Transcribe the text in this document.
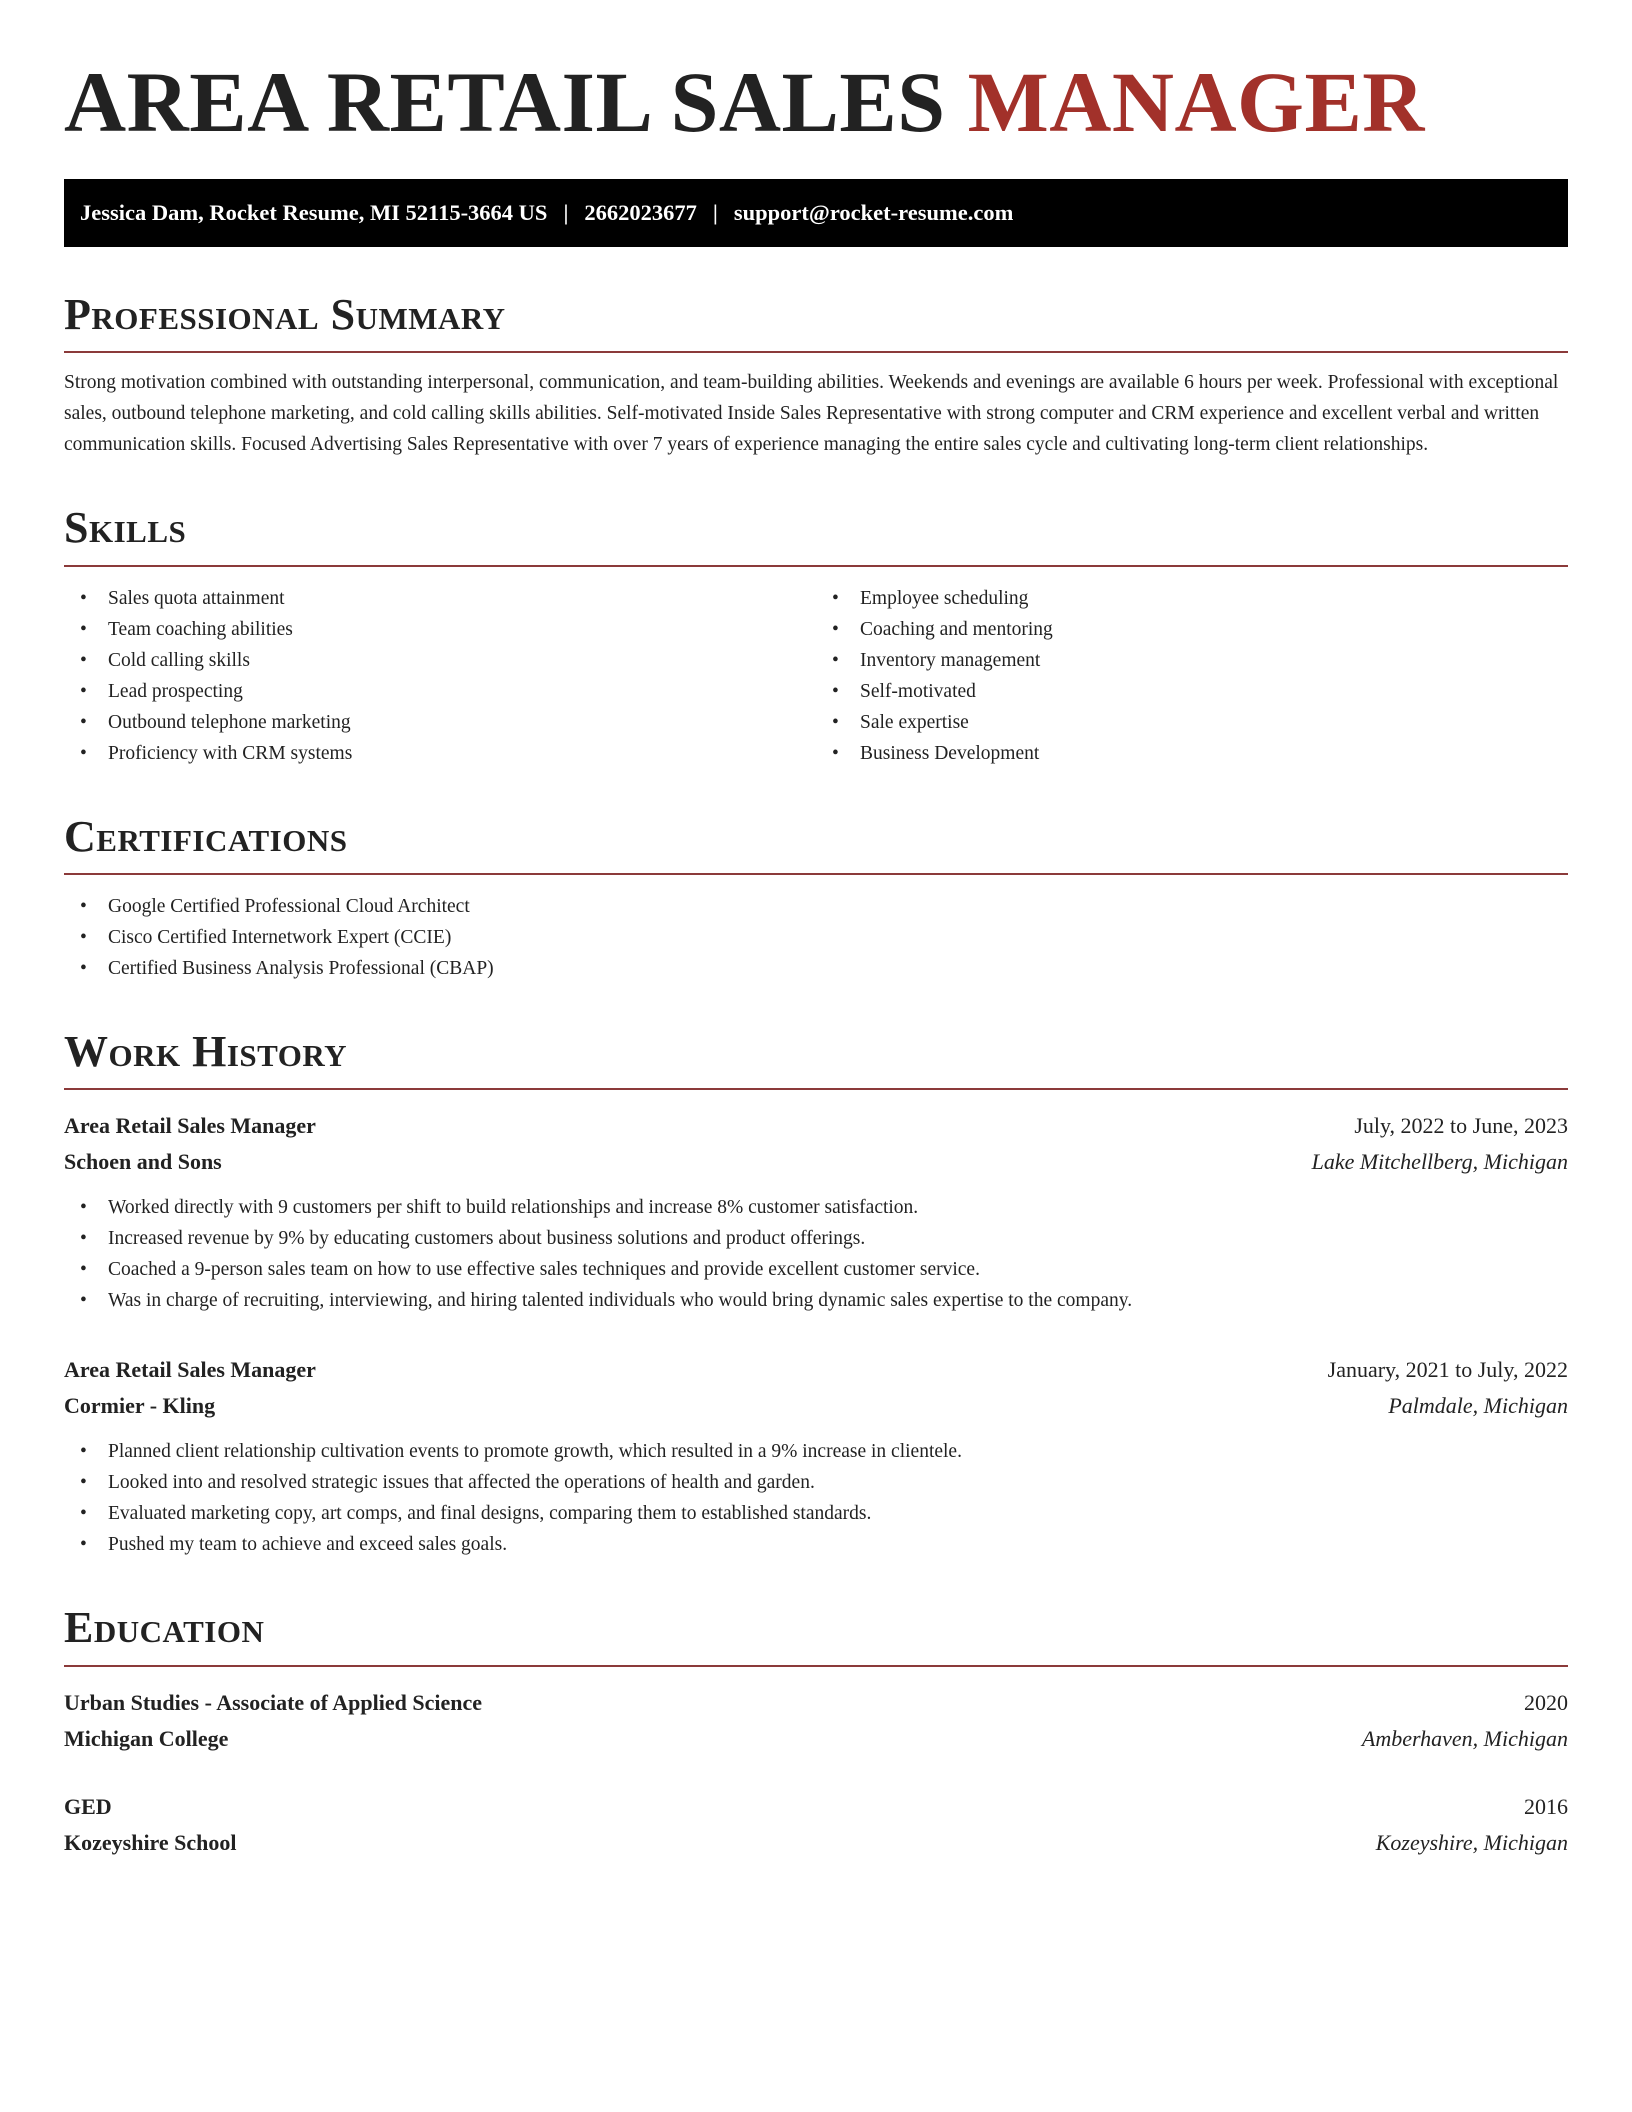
AREA RETAIL SALES MANAGER
Jessica Dam, Rocket Resume, MI 52115-3664 US | 2662023677 | support@rocket-resume.com
Professional Summary

Strong motivation combined with outstanding interpersonal, communication, and team-building abilities. Weekends and evenings are available 6 hours per week. Professional with exceptional sales, outbound telephone marketing, and cold calling skills abilities. Self-motivated Inside Sales Representative with strong computer and CRM experience and excellent verbal and written communication skills. Focused Advertising Sales Representative with over 7 years of experience managing the entire sales cycle and cultivating long-term client relationships.

Skills
• Sales quota attainment
• Team coaching abilities
• Cold calling skills
• Lead prospecting
• Outbound telephone marketing
• Proficiency with CRM systems
• Employee scheduling
• Coaching and mentoring
• Inventory management
• Self-motivated
• Sale expertise
• Business Development
Certifications
• Google Certified Professional Cloud Architect
• Cisco Certified Internetwork Expert (CCIE)
• Certified Business Analysis Professional (CBAP)
Work History
Area Retail Sales Manager	July, 2022 to June, 2023
Schoen and Sons	Lake Mitchellberg, Michigan
• Worked directly with 9 customers per shift to build relationships and increase 8% customer satisfaction.
• Increased revenue by 9% by educating customers about business solutions and product offerings.
• Coached a 9-person sales team on how to use effective sales techniques and provide excellent customer service.
• Was in charge of recruiting, interviewing, and hiring talented individuals who would bring dynamic sales expertise to the company.
Area Retail Sales Manager	January, 2021 to July, 2022
Cormier - Kling	Palmdale, Michigan
• Planned client relationship cultivation events to promote growth, which resulted in a 9% increase in clientele.
• Looked into and resolved strategic issues that affected the operations of health and garden.
• Evaluated marketing copy, art comps, and final designs, comparing them to established standards.
• Pushed my team to achieve and exceed sales goals.
Education
Urban Studies - Associate of Applied Science	2020
Michigan College	Amberhaven, Michigan
GED	2016
Kozeyshire School	Kozeyshire, Michigan
